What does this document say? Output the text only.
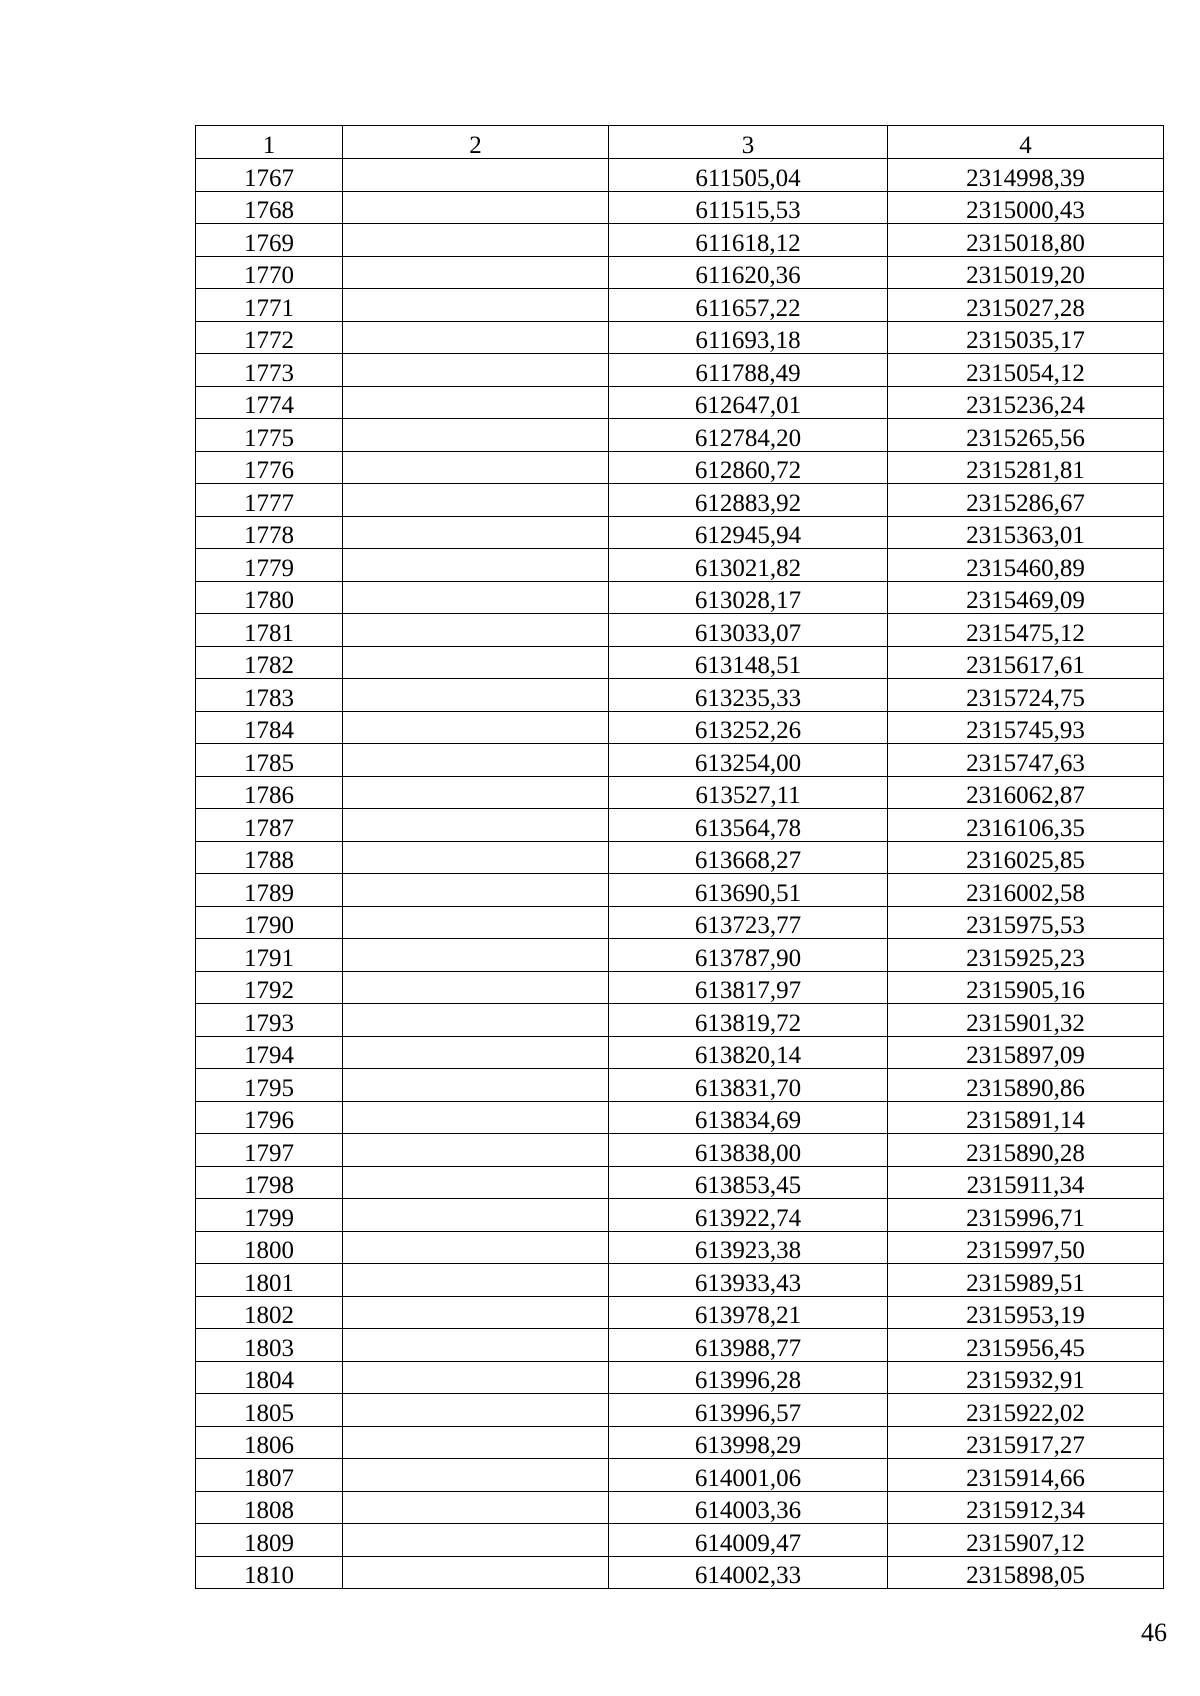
1	2	3	4
1767		611505,04	2314998,39
1768		611515,53	2315000,43
1769		611618,12	2315018,80
1770		611620,36	2315019,20
1771		611657,22	2315027,28
1772		611693,18	2315035,17
1773		611788,49	2315054,12
1774		612647,01	2315236,24
1775		612784,20	2315265,56
1776		612860,72	2315281,81
1777		612883,92	2315286,67
1778		612945,94	2315363,01
1779		613021,82	2315460,89
1780		613028,17	2315469,09
1781		613033,07	2315475,12
1782		613148,51	2315617,61
1783		613235,33	2315724,75
1784		613252,26	2315745,93
1785		613254,00	2315747,63
1786		613527,11	2316062,87
1787		613564,78	2316106,35
1788		613668,27	2316025,85
1789		613690,51	2316002,58
1790		613723,77	2315975,53
1791		613787,90	2315925,23
1792		613817,97	2315905,16
1793		613819,72	2315901,32
1794		613820,14	2315897,09
1795		613831,70	2315890,86
1796		613834,69	2315891,14
1797		613838,00	2315890,28
1798		613853,45	2315911,34
1799		613922,74	2315996,71
1800		613923,38	2315997,50
1801		613933,43	2315989,51
1802		613978,21	2315953,19
1803		613988,77	2315956,45
1804		613996,28	2315932,91
1805		613996,57	2315922,02
1806		613998,29	2315917,27
1807		614001,06	2315914,66
1808		614003,36	2315912,34
1809		614009,47	2315907,12
1810		614002,33	2315898,05
46
